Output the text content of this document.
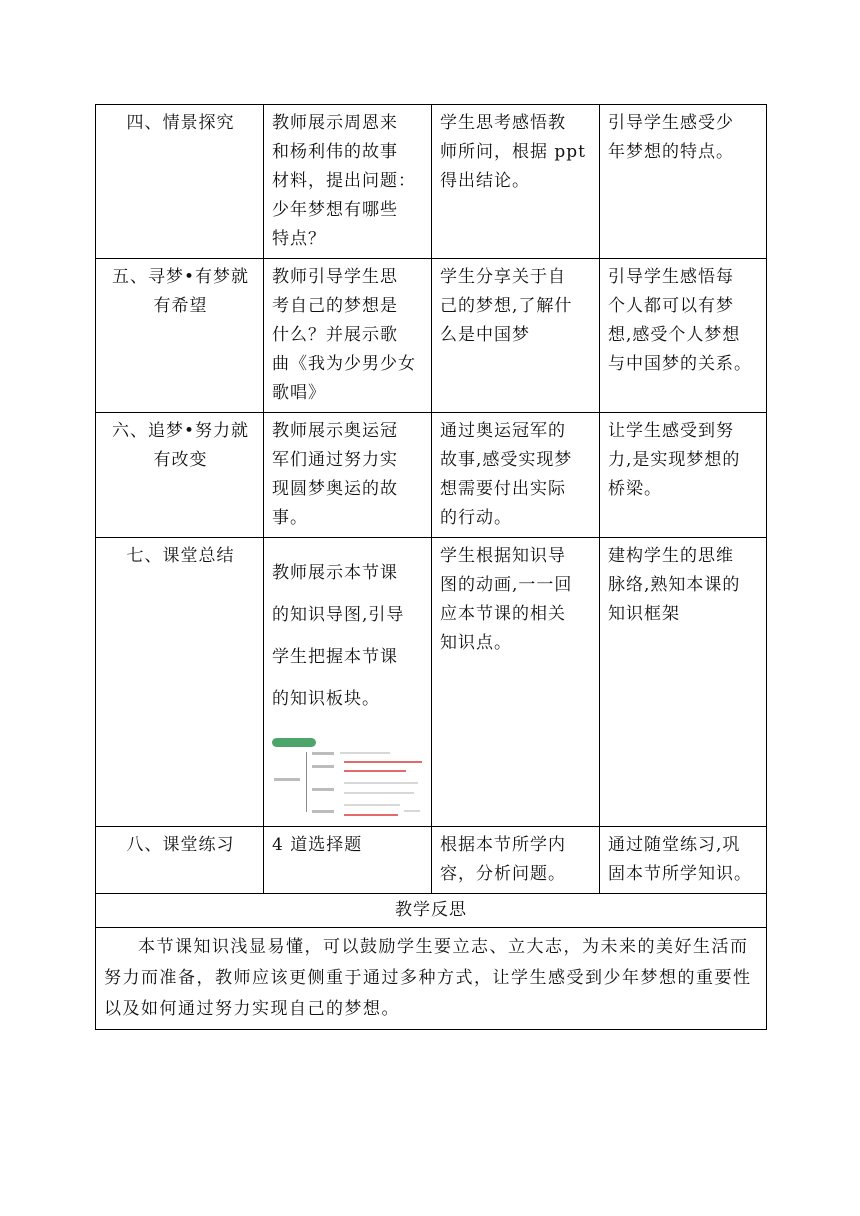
四、情景探究	教师展示周恩来
和杨利伟的故事
材料，提出问题：
少年梦想有哪些
特点？	学生思考感悟教
师所问，根据 ppt
得出结论。	引导学生感受少
年梦想的特点。

五、寻梦•有梦就有希望	教师引导学生思
考自己的梦想是
什么？并展示歌
曲《我为少男少女
歌唱》	学生分享关于自
己的梦想,了解什
么是中国梦	引导学生感悟每
个人都可以有梦
想,感受个人梦想
与中国梦的关系。

六、追梦•努力就有改变	教师展示奥运冠
军们通过努力实
现圆梦奥运的故
事。	通过奥运冠军的
故事,感受实现梦
想需要付出实际
的行动。	让学生感受到努
力,是实现梦想的
桥梁。

七、课堂总结	教师展示本节课
的知识导图,引导
学生把握本节课
的知识板块。	学生根据知识导
图的动画,一一回
应本节课的相关
知识点。	建构学生的思维
脉络,熟知本课的
知识框架

八、课堂练习	4 道选择题	根据本节所学内
容，分析问题。	通过随堂练习,巩
固本节所学知识。

教学反思			
本节课知识浅显易懂，可以鼓励学生要立志、立大志，为未来的美好生活而努力而准备，教师应该更侧重于通过多种方式，让学生感受到少年梦想的重要性以及如何通过努力实现自己的梦想。			
